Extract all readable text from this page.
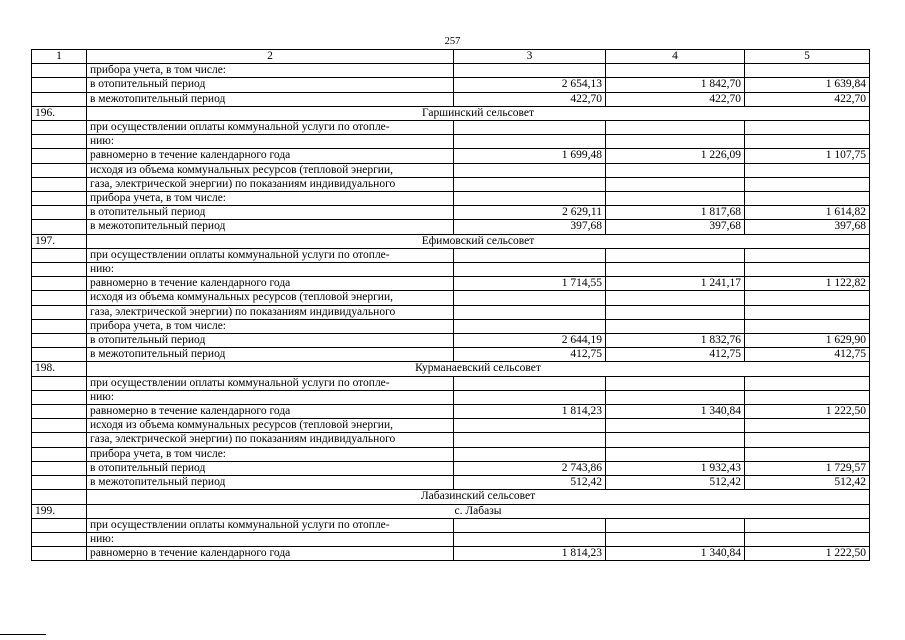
257
1	2	3	4	5
	прибора учета, в том числе:			
	в отопительный период	2 654,13	1 842,70	1 639,84
	в межотопительный период	422,70	422,70	422,70
196.	Гаршинский сельсовет			
	при осуществлении оплаты коммунальной услуги по отопле-			
	нию:			
	равномерно в течение календарного года	1 699,48	1 226,09	1 107,75
	исходя из объема коммунальных ресурсов (тепловой энергии,			
	газа, электрической энергии) по показаниям индивидуального			
	прибора учета, в том числе:			
	в отопительный период	2 629,11	1 817,68	1 614,82
	в межотопительный период	397,68	397,68	397,68
197.	Ефимовский сельсовет			
	при осуществлении оплаты коммунальной услуги по отопле-			
	нию:			
	равномерно в течение календарного года	1 714,55	1 241,17	1 122,82
	исходя из объема коммунальных ресурсов (тепловой энергии,			
	газа, электрической энергии) по показаниям индивидуального			
	прибора учета, в том числе:			
	в отопительный период	2 644,19	1 832,76	1 629,90
	в межотопительный период	412,75	412,75	412,75
198.	Курманаевский сельсовет			
	при осуществлении оплаты коммунальной услуги по отопле-			
	нию:			
	равномерно в течение календарного года	1 814,23	1 340,84	1 222,50
	исходя из объема коммунальных ресурсов (тепловой энергии,			
	газа, электрической энергии) по показаниям индивидуального			
	прибора учета, в том числе:			
	в отопительный период	2 743,86	1 932,43	1 729,57
	в межотопительный период	512,42	512,42	512,42
	Лабазинский сельсовет			
199.	с. Лабазы			
	при осуществлении оплаты коммунальной услуги по отопле-			
	нию:			
	равномерно в течение календарного года	1 814,23	1 340,84	1 222,50
